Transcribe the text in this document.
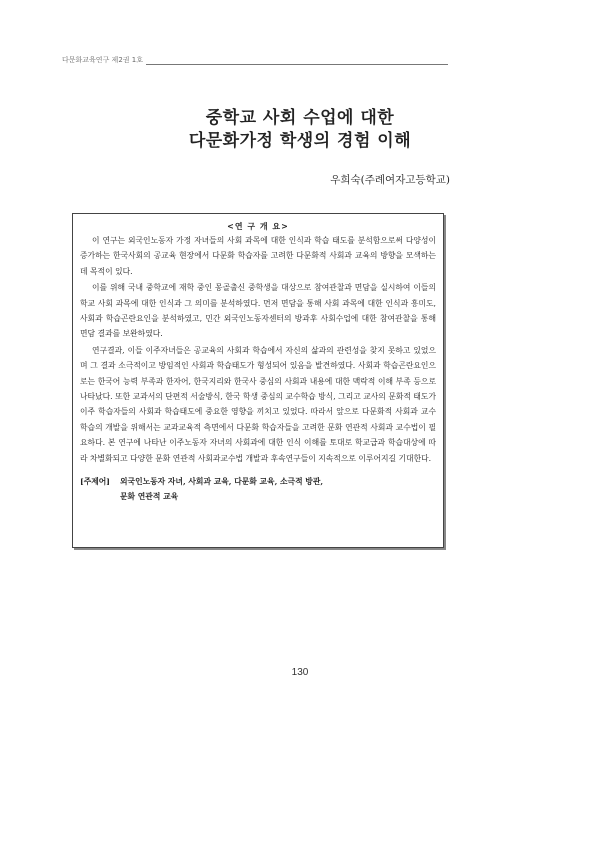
다문화교육연구 제2권 1호
중학교 사회 수업에 대한
다문화가정 학생의 경험 이해
우희숙(주례여자고등학교)
<연 구 개 요>

이 연구는 외국인노동자 가정 자녀들의 사회 과목에 대한 인식과 학습 태도를 분석함으로써 다양성이 증가하는 한국사회의 공교육 현장에서 다문화 학습자를 고려한 다문화적 사회과 교육의 방향을 모색하는 데 목적이 있다.

이를 위해 국내 중학교에 재학 중인 몽골출신 중학생을 대상으로 참여관찰과 면담을 실시하여 이들의 학교 사회 과목에 대한 인식과 그 의미를 분석하였다. 먼저 면담을 통해 사회 과목에 대한 인식과 흥미도, 사회과 학습곤란요인을 분석하였고, 민간 외국인노동자센터의 방과후 사회수업에 대한 참여관찰을 통해 면담 결과를 보완하였다.

연구결과, 이들 이주자녀들은 공교육의 사회과 학습에서 자신의 삶과의 관련성을 찾지 못하고 있었으며 그 결과 소극적이고 방임적인 사회과 학습태도가 형성되어 있음을 발견하였다. 사회과 학습곤란요인으로는 한국어 능력 부족과 한자어, 한국지리와 한국사 중심의 사회과 내용에 대한 맥락적 이해 부족 등으로 나타났다. 또한 교과서의 단편적 서술방식, 한국 학생 중심의 교수학습 방식, 그리고 교사의 문화적 태도가 이주 학습자들의 사회과 학습태도에 중요한 영향을 끼치고 있었다. 따라서 앞으로 다문화적 사회과 교수학습의 개발을 위해서는 교과교육적 측면에서 다문화 학습자들을 고려한 문화 연관적 사회과 교수법이 필요하다. 본 연구에 나타난 이주노동자 자녀의 사회과에 대한 인식 이해를 토대로 학교급과 학습대상에 따라 차별화되고 다양한 문화 연관적 사회과교수법 개발과 후속연구들이 지속적으로 이루어지길 기대한다.

[주제어]	외국인노동자 자녀, 사회과 교육, 다문화 교육, 소극적 방관,
문화 연관적 교육
130
